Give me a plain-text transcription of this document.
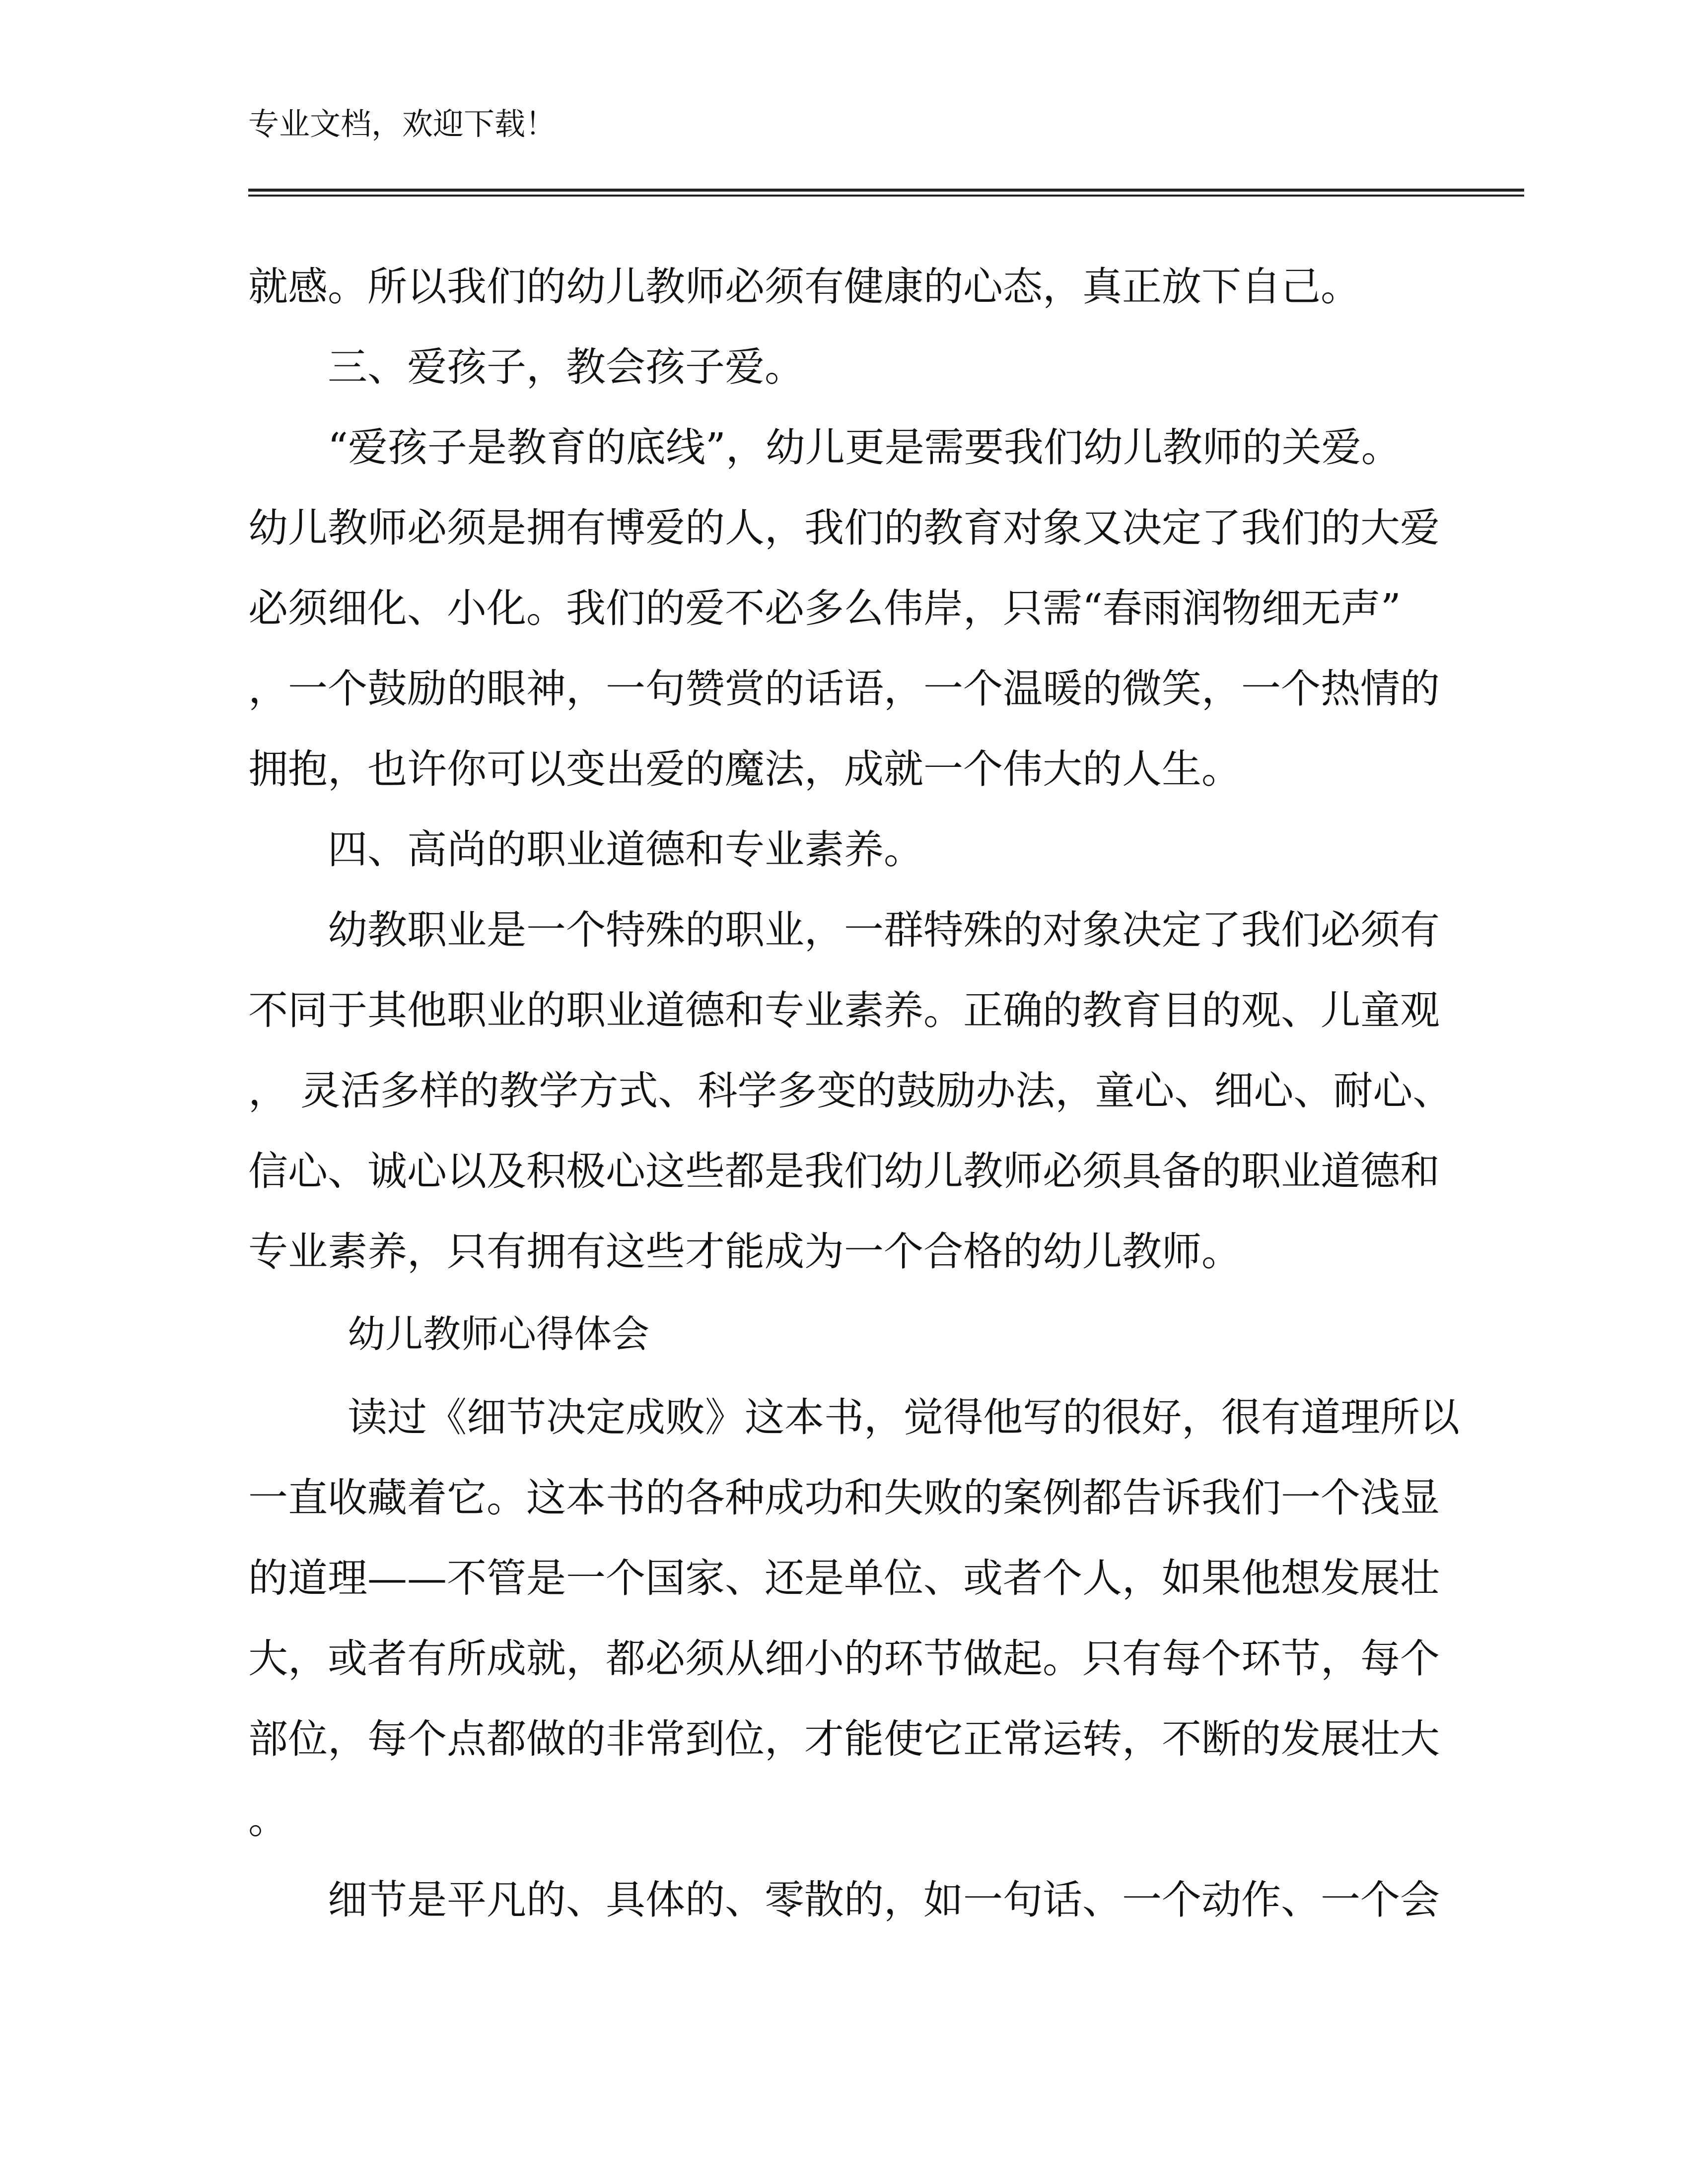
专业文档，欢迎下载！
就感。所以我们的幼儿教师必须有健康的心态，真正放下自己。
三、爱孩子，教会孩子爱。
“爱孩子是教育的底线”，幼儿更是需要我们幼儿教师的关爱。
幼儿教师必须是拥有博爱的人，我们的教育对象又决定了我们的大爱
必须细化、小化。我们的爱不必多么伟岸，只需“春雨润物细无声”
，一个鼓励的眼神，一句赞赏的话语，一个温暖的微笑，一个热情的
拥抱，也许你可以变出爱的魔法，成就一个伟大的人生。
四、高尚的职业道德和专业素养。
幼教职业是一个特殊的职业，一群特殊的对象决定了我们必须有
不同于其他职业的职业道德和专业素养。正确的教育目的观、儿童观
， 灵活多样的教学方式、科学多变的鼓励办法，童心、细心、耐心、
信心、诚心以及积极心这些都是我们幼儿教师必须具备的职业道德和
专业素养，只有拥有这些才能成为一个合格的幼儿教师。
幼儿教师心得体会
读过《细节决定成败》这本书，觉得他写的很好，很有道理所以
一直收藏着它。这本书的各种成功和失败的案例都告诉我们一个浅显
的道理——不管是一个国家、还是单位、或者个人，如果他想发展壮
大，或者有所成就，都必须从细小的环节做起。只有每个环节，每个
部位，每个点都做的非常到位，才能使它正常运转，不断的发展壮大
。
细节是平凡的、具体的、零散的，如一句话、一个动作、一个会
